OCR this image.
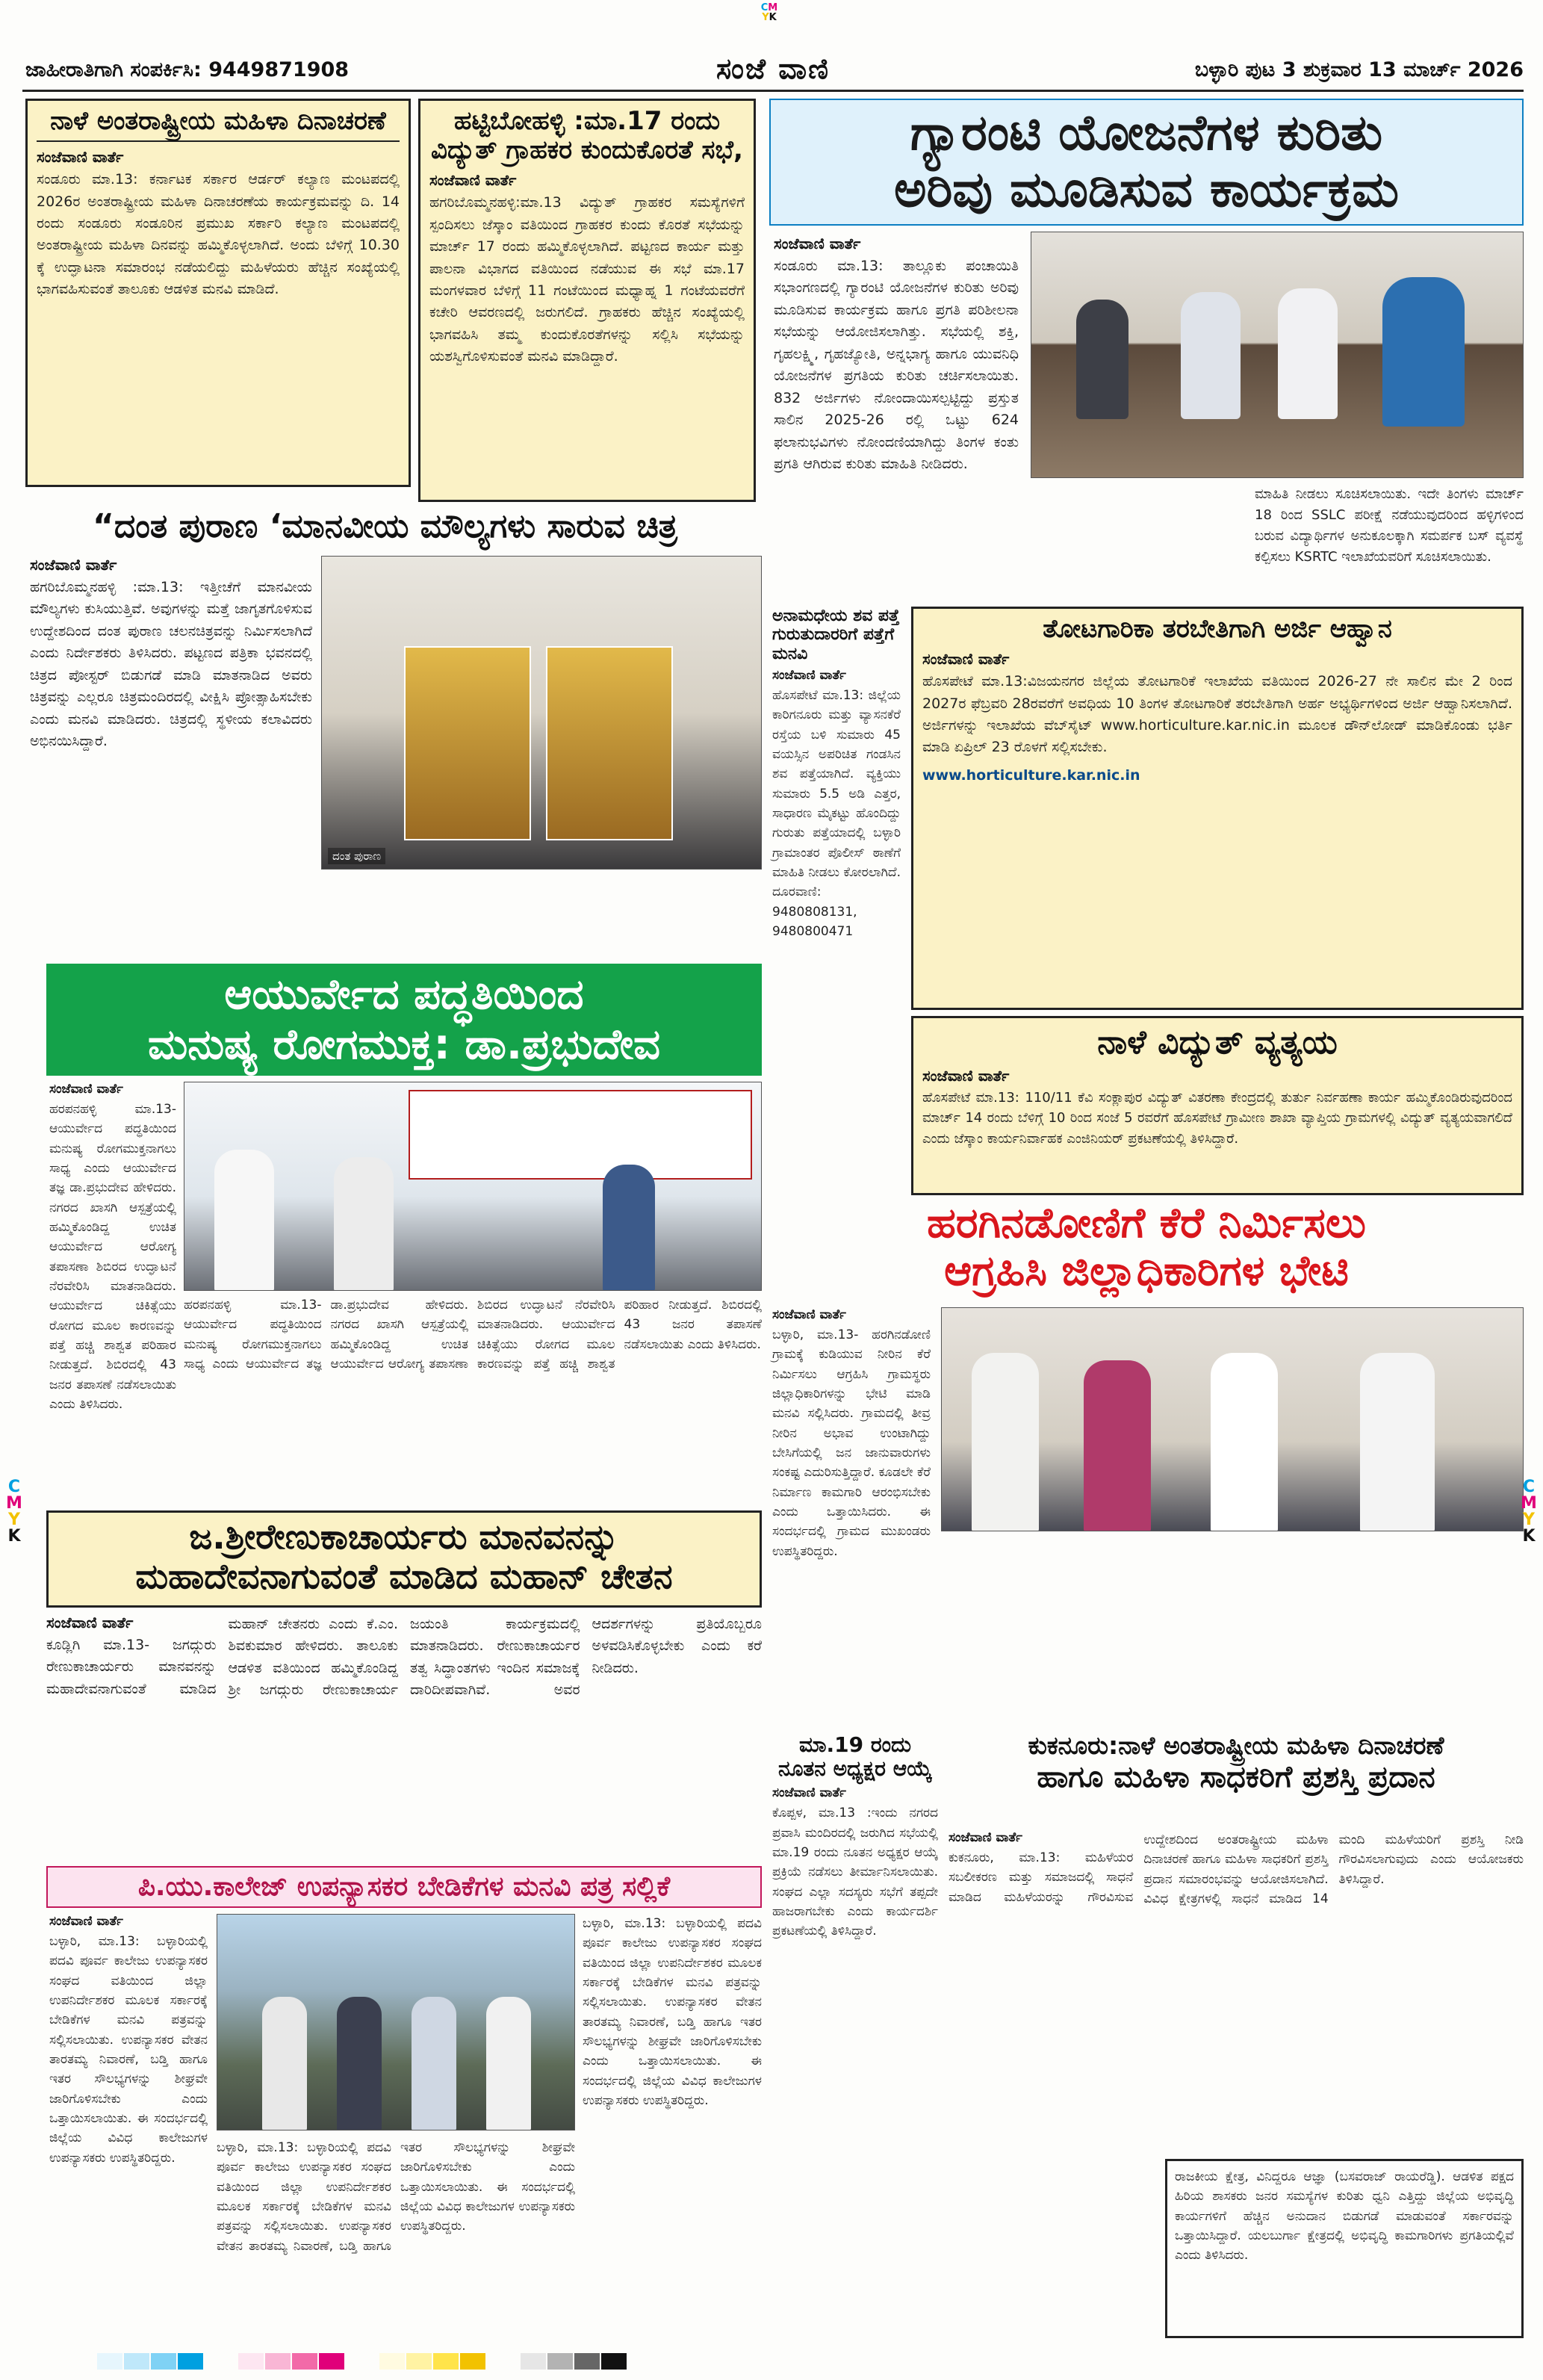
CM
YK
ಜಾಹೀರಾತಿಗಾಗಿ ಸಂಪರ್ಕಿಸಿ: 9449871908	ಸಂಜೆ ವಾಣಿ	ಬಳ್ಳಾರಿ ಪುಟ 3 ಶುಕ್ರವಾರ 13 ಮಾರ್ಚ್ 2026
ನಾಳೆ ಅಂತರಾಷ್ಟ್ರೀಯ ಮಹಿಳಾ ದಿನಾಚರಣೆ
ಸಂಜೆವಾಣಿ ವಾರ್ತೆ
ಸಂಡೂರು ಮಾ.13: ಕರ್ನಾಟಕ ಸರ್ಕಾರ ಆರ್ಡರ್ ಕಲ್ಯಾಣ ಮಂಟಪದಲ್ಲಿ 2026ರ ಅಂತರಾಷ್ಟ್ರೀಯ ಮಹಿಳಾ ದಿನಾಚರಣೆಯ ಕಾರ್ಯಕ್ರಮವನ್ನು ದಿ. 14 ರಂದು ಸಂಡೂರು ಸಂಡೂರಿನ ಪ್ರಮುಖ ಸರ್ಕಾರಿ ಕಲ್ಯಾಣ ಮಂಟಪದಲ್ಲಿ ಅಂತರಾಷ್ಟ್ರೀಯ ಮಹಿಳಾ ದಿನವನ್ನು ಹಮ್ಮಿಕೊಳ್ಳಲಾಗಿದೆ. ಅಂದು ಬೆಳಿಗ್ಗೆ 10.30 ಕ್ಕೆ ಉದ್ಘಾಟನಾ ಸಮಾರಂಭ ನಡೆಯಲಿದ್ದು ಮಹಿಳೆಯರು ಹೆಚ್ಚಿನ ಸಂಖ್ಯೆಯಲ್ಲಿ ಭಾಗವಹಿಸುವಂತೆ ತಾಲೂಕು ಆಡಳಿತ ಮನವಿ ಮಾಡಿದೆ.
ಹಟ್ಟಿಬೋಹಳ್ಳಿ :ಮಾ.17 ರಂದು ವಿದ್ಯುತ್ ಗ್ರಾಹಕರ ಕುಂದುಕೊರತೆ ಸಭೆ,
ಸಂಜೆವಾಣಿ ವಾರ್ತೆ
ಹಗರಿಬೊಮ್ಮನಹಳ್ಳಿ:ಮಾ.13 ವಿದ್ಯುತ್ ಗ್ರಾಹಕರ ಸಮಸ್ಯೆಗಳಿಗೆ ಸ್ಪಂದಿಸಲು ಜೆಸ್ಕಾಂ ವತಿಯಿಂದ ಗ್ರಾಹಕರ ಕುಂದು ಕೊರತೆ ಸಭೆಯನ್ನು ಮಾರ್ಚ್ 17 ರಂದು ಹಮ್ಮಿಕೊಳ್ಳಲಾಗಿದೆ. ಪಟ್ಟಣದ ಕಾರ್ಯ ಮತ್ತು ಪಾಲನಾ ವಿಭಾಗದ ವತಿಯಿಂದ ನಡೆಯುವ ಈ ಸಭೆ ಮಾ.17 ಮಂಗಳವಾರ ಬೆಳಿಗ್ಗೆ 11 ಗಂಟೆಯಿಂದ ಮಧ್ಯಾಹ್ನ 1 ಗಂಟೆಯವರೆಗೆ ಕಚೇರಿ ಆವರಣದಲ್ಲಿ ಜರುಗಲಿದೆ. ಗ್ರಾಹಕರು ಹೆಚ್ಚಿನ ಸಂಖ್ಯೆಯಲ್ಲಿ ಭಾಗವಹಿಸಿ ತಮ್ಮ ಕುಂದುಕೊರತೆಗಳನ್ನು ಸಲ್ಲಿಸಿ ಸಭೆಯನ್ನು ಯಶಸ್ವಿಗೊಳಿಸುವಂತೆ ಮನವಿ ಮಾಡಿದ್ದಾರೆ.
ಗ್ಯಾರಂಟಿ ಯೋಜನೆಗಳ ಕುರಿತು
ಅರಿವು ಮೂಡಿಸುವ ಕಾರ್ಯಕ್ರಮ
ಸಂಜೆವಾಣಿ ವಾರ್ತೆ
ಸಂಡೂರು ಮಾ.13: ತಾಲ್ಲೂಕು ಪಂಚಾಯಿತಿ ಸಭಾಂಗಣದಲ್ಲಿ ಗ್ಯಾರಂಟಿ ಯೋಜನೆಗಳ ಕುರಿತು ಅರಿವು ಮೂಡಿಸುವ ಕಾರ್ಯಕ್ರಮ ಹಾಗೂ ಪ್ರಗತಿ ಪರಿಶೀಲನಾ ಸಭೆಯನ್ನು ಆಯೋಜಿಸಲಾಗಿತ್ತು. ಸಭೆಯಲ್ಲಿ ಶಕ್ತಿ, ಗೃಹಲಕ್ಷ್ಮಿ, ಗೃಹಜ್ಯೋತಿ, ಅನ್ನಭಾಗ್ಯ ಹಾಗೂ ಯುವನಿಧಿ ಯೋಜನೆಗಳ ಪ್ರಗತಿಯ ಕುರಿತು ಚರ್ಚಿಸಲಾಯಿತು. 832 ಅರ್ಜಿಗಳು ನೋಂದಾಯಿಸಲ್ಪಟ್ಟಿದ್ದು ಪ್ರಸ್ತುತ ಸಾಲಿನ 2025-26 ರಲ್ಲಿ ಒಟ್ಟು 624 ಫಲಾನುಭವಿಗಳು ನೋಂದಣಿಯಾಗಿದ್ದು ತಿಂಗಳ ಕಂತು ಪ್ರಗತಿ ಆಗಿರುವ ಕುರಿತು ಮಾಹಿತಿ ನೀಡಿದರು.
ಮಾಹಿತಿ ನೀಡಲು ಸೂಚಿಸಲಾಯಿತು. ಇದೇ ತಿಂಗಳು ಮಾರ್ಚ್ 18 ರಿಂದ SSLC ಪರೀಕ್ಷೆ ನಡೆಯುವುದರಿಂದ ಹಳ್ಳಿಗಳಿಂದ ಬರುವ ವಿದ್ಯಾರ್ಥಿಗಳ ಅನುಕೂಲಕ್ಕಾಗಿ ಸಮರ್ಪಕ ಬಸ್ ವ್ಯವಸ್ಥೆ ಕಲ್ಪಿಸಲು KSRTC ಇಲಾಖೆಯವರಿಗೆ ಸೂಚಿಸಲಾಯಿತು.
“ದಂತ ಪುರಾಣ ‘ಮಾನವೀಯ ಮೌಲ್ಯಗಳು ಸಾರುವ ಚಿತ್ರ
ಸಂಜೆವಾಣಿ ವಾರ್ತೆ
ಹಗರಿಬೊಮ್ಮನಹಳ್ಳಿ :ಮಾ.13: ಇತ್ತೀಚೆಗೆ ಮಾನವೀಯ ಮೌಲ್ಯಗಳು ಕುಸಿಯುತ್ತಿವೆ. ಅವುಗಳನ್ನು ಮತ್ತೆ ಜಾಗೃತಗೊಳಿಸುವ ಉದ್ದೇಶದಿಂದ ದಂತ ಪುರಾಣ ಚಲನಚಿತ್ರವನ್ನು ನಿರ್ಮಿಸಲಾಗಿದೆ ಎಂದು ನಿರ್ದೇಶಕರು ತಿಳಿಸಿದರು. ಪಟ್ಟಣದ ಪತ್ರಿಕಾ ಭವನದಲ್ಲಿ ಚಿತ್ರದ ಪೋಸ್ಟರ್ ಬಿಡುಗಡೆ ಮಾಡಿ ಮಾತನಾಡಿದ ಅವರು ಚಿತ್ರವನ್ನು ಎಲ್ಲರೂ ಚಿತ್ರಮಂದಿರದಲ್ಲಿ ವೀಕ್ಷಿಸಿ ಪ್ರೋತ್ಸಾಹಿಸಬೇಕು ಎಂದು ಮನವಿ ಮಾಡಿದರು. ಚಿತ್ರದಲ್ಲಿ ಸ್ಥಳೀಯ ಕಲಾವಿದರು ಅಭಿನಯಿಸಿದ್ದಾರೆ.
ದಂತ ಪುರಾಣ
ಅನಾಮಧೇಯ ಶವ ಪತ್ತೆ ಗುರುತುದಾರರಿಗೆ ಪತ್ತೆಗೆ ಮನವಿ
ಸಂಜೆವಾಣಿ ವಾರ್ತೆ
ಹೊಸಪೇಟೆ ಮಾ.13: ಜಿಲ್ಲೆಯ ಕಾರಿಗನೂರು ಮತ್ತು ವ್ಯಾಸನಕೆರೆ ರಸ್ತೆಯ ಬಳಿ ಸುಮಾರು 45 ವಯಸ್ಸಿನ ಅಪರಿಚಿತ ಗಂಡಸಿನ ಶವ ಪತ್ತೆಯಾಗಿದೆ. ವ್ಯಕ್ತಿಯು ಸುಮಾರು 5.5 ಅಡಿ ಎತ್ತರ, ಸಾಧಾರಣ ಮೈಕಟ್ಟು ಹೊಂದಿದ್ದು ಗುರುತು ಪತ್ತೆಯಾದಲ್ಲಿ ಬಳ್ಳಾರಿ ಗ್ರಾಮಾಂತರ ಪೊಲೀಸ್ ಠಾಣೆಗೆ ಮಾಹಿತಿ ನೀಡಲು ಕೋರಲಾಗಿದೆ. ದೂರವಾಣಿ: 9480808131, 9480800471
ತೋಟಗಾರಿಕಾ ತರಬೇತಿಗಾಗಿ ಅರ್ಜಿ ಆಹ್ವಾನ
ಸಂಜೆವಾಣಿ ವಾರ್ತೆ
ಹೊಸಪೇಟೆ ಮಾ.13:ವಿಜಯನಗರ ಜಿಲ್ಲೆಯ ತೋಟಗಾರಿಕೆ ಇಲಾಖೆಯ ವತಿಯಿಂದ 2026-27 ನೇ ಸಾಲಿನ ಮೇ 2 ರಿಂದ 2027ರ ಫೆಬ್ರವರಿ 28ರವರೆಗೆ ಅವಧಿಯ 10 ತಿಂಗಳ ತೋಟಗಾರಿಕೆ ತರಬೇತಿಗಾಗಿ ಅರ್ಹ ಅಭ್ಯರ್ಥಿಗಳಿಂದ ಅರ್ಜಿ ಆಹ್ವಾನಿಸಲಾಗಿದೆ. ಅರ್ಜಿಗಳನ್ನು ಇಲಾಖೆಯ ವೆಬ್‌ಸೈಟ್ www.horticulture.kar.nic.in ಮೂಲಕ ಡೌನ್‌ಲೋಡ್ ಮಾಡಿಕೊಂಡು ಭರ್ತಿ ಮಾಡಿ ಏಪ್ರಿಲ್ 23 ರೊಳಗೆ ಸಲ್ಲಿಸಬೇಕು.
www.horticulture.kar.nic.in
ನಾಳೆ ವಿದ್ಯುತ್ ವ್ಯತ್ಯಯ
ಸಂಜೆವಾಣಿ ವಾರ್ತೆ
ಹೊಸಪೇಟೆ ಮಾ.13: 110/11 ಕೆವಿ ಸಂಕ್ಲಾಪುರ ವಿದ್ಯುತ್ ವಿತರಣಾ ಕೇಂದ್ರದಲ್ಲಿ ತುರ್ತು ನಿರ್ವಹಣಾ ಕಾರ್ಯ ಹಮ್ಮಿಕೊಂಡಿರುವುದರಿಂದ ಮಾರ್ಚ್ 14 ರಂದು ಬೆಳಿಗ್ಗೆ 10 ರಿಂದ ಸಂಜೆ 5 ರವರೆಗೆ ಹೊಸಪೇಟೆ ಗ್ರಾಮೀಣ ಶಾಖಾ ವ್ಯಾಪ್ತಿಯ ಗ್ರಾಮಗಳಲ್ಲಿ ವಿದ್ಯುತ್ ವ್ಯತ್ಯಯವಾಗಲಿದೆ ಎಂದು ಜೆಸ್ಕಾಂ ಕಾರ್ಯನಿರ್ವಾಹಕ ಎಂಜಿನಿಯರ್ ಪ್ರಕಟಣೆಯಲ್ಲಿ ತಿಳಿಸಿದ್ದಾರೆ.
ಆಯುರ್ವೇದ ಪದ್ಧತಿಯಿಂದ
ಮನುಷ್ಯ ರೋಗಮುಕ್ತ: ಡಾ.ಪ್ರಭುದೇವ
ಸಂಜೆವಾಣಿ ವಾರ್ತೆ
ಹರಪನಹಳ್ಳಿ ಮಾ.13-ಆಯುರ್ವೇದ ಪದ್ಧತಿಯಿಂದ ಮನುಷ್ಯ ರೋಗಮುಕ್ತನಾಗಲು ಸಾಧ್ಯ ಎಂದು ಆಯುರ್ವೇದ ತಜ್ಞ ಡಾ.ಪ್ರಭುದೇವ ಹೇಳಿದರು. ನಗರದ ಖಾಸಗಿ ಆಸ್ಪತ್ರೆಯಲ್ಲಿ ಹಮ್ಮಿಕೊಂಡಿದ್ದ ಉಚಿತ ಆಯುರ್ವೇದ ಆರೋಗ್ಯ ತಪಾಸಣಾ ಶಿಬಿರದ ಉದ್ಘಾಟನೆ ನೆರವೇರಿಸಿ ಮಾತನಾಡಿದರು. ಆಯುರ್ವೇದ ಚಿಕಿತ್ಸೆಯು ರೋಗದ ಮೂಲ ಕಾರಣವನ್ನು ಪತ್ತೆ ಹಚ್ಚಿ ಶಾಶ್ವತ ಪರಿಹಾರ ನೀಡುತ್ತದೆ. ಶಿಬಿರದಲ್ಲಿ 43 ಜನರ ತಪಾಸಣೆ ನಡೆಸಲಾಯಿತು ಎಂದು ತಿಳಿಸಿದರು.
ಹರಪನಹಳ್ಳಿ ಮಾ.13-ಆಯುರ್ವೇದ ಪದ್ಧತಿಯಿಂದ ಮನುಷ್ಯ ರೋಗಮುಕ್ತನಾಗಲು ಸಾಧ್ಯ ಎಂದು ಆಯುರ್ವೇದ ತಜ್ಞ ಡಾ.ಪ್ರಭುದೇವ ಹೇಳಿದರು. ನಗರದ ಖಾಸಗಿ ಆಸ್ಪತ್ರೆಯಲ್ಲಿ ಹಮ್ಮಿಕೊಂಡಿದ್ದ ಉಚಿತ ಆಯುರ್ವೇದ ಆರೋಗ್ಯ ತಪಾಸಣಾ ಶಿಬಿರದ ಉದ್ಘಾಟನೆ ನೆರವೇರಿಸಿ ಮಾತನಾಡಿದರು. ಆಯುರ್ವೇದ ಚಿಕಿತ್ಸೆಯು ರೋಗದ ಮೂಲ ಕಾರಣವನ್ನು ಪತ್ತೆ ಹಚ್ಚಿ ಶಾಶ್ವತ ಪರಿಹಾರ ನೀಡುತ್ತದೆ. ಶಿಬಿರದಲ್ಲಿ 43 ಜನರ ತಪಾಸಣೆ ನಡೆಸಲಾಯಿತು ಎಂದು ತಿಳಿಸಿದರು.
ಹರಗಿನಡೋಣಿಗೆ ಕೆರೆ ನಿರ್ಮಿಸಲು
ಆಗ್ರಹಿಸಿ ಜಿಲ್ಲಾಧಿಕಾರಿಗಳ ಭೇಟಿ
ಸಂಜೆವಾಣಿ ವಾರ್ತೆ
ಬಳ್ಳಾರಿ, ಮಾ.13- ಹರಗಿನಡೋಣಿ ಗ್ರಾಮಕ್ಕೆ ಕುಡಿಯುವ ನೀರಿನ ಕೆರೆ ನಿರ್ಮಿಸಲು ಆಗ್ರಹಿಸಿ ಗ್ರಾಮಸ್ಥರು ಜಿಲ್ಲಾಧಿಕಾರಿಗಳನ್ನು ಭೇಟಿ ಮಾಡಿ ಮನವಿ ಸಲ್ಲಿಸಿದರು. ಗ್ರಾಮದಲ್ಲಿ ತೀವ್ರ ನೀರಿನ ಅಭಾವ ಉಂಟಾಗಿದ್ದು ಬೇಸಿಗೆಯಲ್ಲಿ ಜನ ಜಾನುವಾರುಗಳು ಸಂಕಷ್ಟ ಎದುರಿಸುತ್ತಿದ್ದಾರೆ. ಕೂಡಲೇ ಕೆರೆ ನಿರ್ಮಾಣ ಕಾಮಗಾರಿ ಆರಂಭಿಸಬೇಕು ಎಂದು ಒತ್ತಾಯಿಸಿದರು. ಈ ಸಂದರ್ಭದಲ್ಲಿ ಗ್ರಾಮದ ಮುಖಂಡರು ಉಪಸ್ಥಿತರಿದ್ದರು.
ಜ.ಶ್ರೀರೇಣುಕಾಚಾರ್ಯರು ಮಾನವನನ್ನು
ಮಹಾದೇವನಾಗುವಂತೆ ಮಾಡಿದ ಮಹಾನ್ ಚೇತನ
ಸಂಜೆವಾಣಿ ವಾರ್ತೆ
ಕೂಡ್ಲಿಗಿ ಮಾ.13- ಜಗದ್ಗುರು ರೇಣುಕಾಚಾರ್ಯರು ಮಾನವನನ್ನು ಮಹಾದೇವನಾಗುವಂತೆ ಮಾಡಿದ ಮಹಾನ್ ಚೇತನರು ಎಂದು ಕೆ.ಎಂ. ಶಿವಕುಮಾರ ಹೇಳಿದರು. ತಾಲೂಕು ಆಡಳಿತ ವತಿಯಿಂದ ಹಮ್ಮಿಕೊಂಡಿದ್ದ ಶ್ರೀ ಜಗದ್ಗುರು ರೇಣುಕಾಚಾರ್ಯ ಜಯಂತಿ ಕಾರ್ಯಕ್ರಮದಲ್ಲಿ ಮಾತನಾಡಿದರು. ರೇಣುಕಾಚಾರ್ಯರ ತತ್ವ ಸಿದ್ಧಾಂತಗಳು ಇಂದಿನ ಸಮಾಜಕ್ಕೆ ದಾರಿದೀಪವಾಗಿವೆ. ಅವರ ಆದರ್ಶಗಳನ್ನು ಪ್ರತಿಯೊಬ್ಬರೂ ಅಳವಡಿಸಿಕೊಳ್ಳಬೇಕು ಎಂದು ಕರೆ ನೀಡಿದರು.
ಮಾ.19 ರಂದು ನೂತನ ಅಧ್ಯಕ್ಷರ ಆಯ್ಕೆ
ಸಂಜೆವಾಣಿ ವಾರ್ತೆ
ಕೊಪ್ಪಳ, ಮಾ.13 :ಇಂದು ನಗರದ ಪ್ರವಾಸಿ ಮಂದಿರದಲ್ಲಿ ಜರುಗಿದ ಸಭೆಯಲ್ಲಿ ಮಾ.19 ರಂದು ನೂತನ ಅಧ್ಯಕ್ಷರ ಆಯ್ಕೆ ಪ್ರಕ್ರಿಯೆ ನಡೆಸಲು ತೀರ್ಮಾನಿಸಲಾಯಿತು. ಸಂಘದ ಎಲ್ಲಾ ಸದಸ್ಯರು ಸಭೆಗೆ ತಪ್ಪದೇ ಹಾಜರಾಗಬೇಕು ಎಂದು ಕಾರ್ಯದರ್ಶಿ ಪ್ರಕಟಣೆಯಲ್ಲಿ ತಿಳಿಸಿದ್ದಾರೆ.
ಕುಕನೂರು:ನಾಳೆ ಅಂತರಾಷ್ಟ್ರೀಯ ಮಹಿಳಾ ದಿನಾಚರಣೆ
ಹಾಗೂ ಮಹಿಳಾ ಸಾಧಕರಿಗೆ ಪ್ರಶಸ್ತಿ ಪ್ರದಾನ
ಸಂಜೆವಾಣಿ ವಾರ್ತೆ
ಕುಕನೂರು, ಮಾ.13: ಮಹಿಳೆಯರ ಸಬಲೀಕರಣ ಮತ್ತು ಸಮಾಜದಲ್ಲಿ ಸಾಧನೆ ಮಾಡಿದ ಮಹಿಳೆಯರನ್ನು ಗೌರವಿಸುವ ಉದ್ದೇಶದಿಂದ ಅಂತರಾಷ್ಟ್ರೀಯ ಮಹಿಳಾ ದಿನಾಚರಣೆ ಹಾಗೂ ಮಹಿಳಾ ಸಾಧಕರಿಗೆ ಪ್ರಶಸ್ತಿ ಪ್ರದಾನ ಸಮಾರಂಭವನ್ನು ಆಯೋಜಿಸಲಾಗಿದೆ. ವಿವಿಧ ಕ್ಷೇತ್ರಗಳಲ್ಲಿ ಸಾಧನೆ ಮಾಡಿದ 14 ಮಂದಿ ಮಹಿಳೆಯರಿಗೆ ಪ್ರಶಸ್ತಿ ನೀಡಿ ಗೌರವಿಸಲಾಗುವುದು ಎಂದು ಆಯೋಜಕರು ತಿಳಿಸಿದ್ದಾರೆ.
ರಾಜಕೀಯ ಕ್ಷೇತ್ರ, ವಿನಿದ್ದರೂ ಆಜ್ಞಾ (ಬಸವರಾಜ್ ರಾಯರೆಡ್ಡಿ). ಆಡಳಿತ ಪಕ್ಷದ ಹಿರಿಯ ಶಾಸಕರು ಜನರ ಸಮಸ್ಯೆಗಳ ಕುರಿತು ಧ್ವನಿ ಎತ್ತಿದ್ದು ಜಿಲ್ಲೆಯ ಅಭಿವೃದ್ಧಿ ಕಾರ್ಯಗಳಿಗೆ ಹೆಚ್ಚಿನ ಅನುದಾನ ಬಿಡುಗಡೆ ಮಾಡುವಂತೆ ಸರ್ಕಾರವನ್ನು ಒತ್ತಾಯಿಸಿದ್ದಾರೆ. ಯಲಬುರ್ಗಾ ಕ್ಷೇತ್ರದಲ್ಲಿ ಅಭಿವೃದ್ಧಿ ಕಾಮಗಾರಿಗಳು ಪ್ರಗತಿಯಲ್ಲಿವೆ ಎಂದು ತಿಳಿಸಿದರು.
ಪಿ.ಯು.ಕಾಲೇಜ್ ಉಪನ್ಯಾಸಕರ ಬೇಡಿಕೆಗಳ ಮನವಿ ಪತ್ರ ಸಲ್ಲಿಕೆ
ಸಂಜೆವಾಣಿ ವಾರ್ತೆ
ಬಳ್ಳಾರಿ, ಮಾ.13: ಬಳ್ಳಾರಿಯಲ್ಲಿ ಪದವಿ ಪೂರ್ವ ಕಾಲೇಜು ಉಪನ್ಯಾಸಕರ ಸಂಘದ ವತಿಯಿಂದ ಜಿಲ್ಲಾ ಉಪನಿರ್ದೇಶಕರ ಮೂಲಕ ಸರ್ಕಾರಕ್ಕೆ ಬೇಡಿಕೆಗಳ ಮನವಿ ಪತ್ರವನ್ನು ಸಲ್ಲಿಸಲಾಯಿತು. ಉಪನ್ಯಾಸಕರ ವೇತನ ತಾರತಮ್ಯ ನಿವಾರಣೆ, ಬಡ್ತಿ ಹಾಗೂ ಇತರ ಸೌಲಭ್ಯಗಳನ್ನು ಶೀಘ್ರವೇ ಜಾರಿಗೊಳಿಸಬೇಕು ಎಂದು ಒತ್ತಾಯಿಸಲಾಯಿತು. ಈ ಸಂದರ್ಭದಲ್ಲಿ ಜಿಲ್ಲೆಯ ವಿವಿಧ ಕಾಲೇಜುಗಳ ಉಪನ್ಯಾಸಕರು ಉಪಸ್ಥಿತರಿದ್ದರು.
ಬಳ್ಳಾರಿ, ಮಾ.13: ಬಳ್ಳಾರಿಯಲ್ಲಿ ಪದವಿ ಪೂರ್ವ ಕಾಲೇಜು ಉಪನ್ಯಾಸಕರ ಸಂಘದ ವತಿಯಿಂದ ಜಿಲ್ಲಾ ಉಪನಿರ್ದೇಶಕರ ಮೂಲಕ ಸರ್ಕಾರಕ್ಕೆ ಬೇಡಿಕೆಗಳ ಮನವಿ ಪತ್ರವನ್ನು ಸಲ್ಲಿಸಲಾಯಿತು. ಉಪನ್ಯಾಸಕರ ವೇತನ ತಾರತಮ್ಯ ನಿವಾರಣೆ, ಬಡ್ತಿ ಹಾಗೂ ಇತರ ಸೌಲಭ್ಯಗಳನ್ನು ಶೀಘ್ರವೇ ಜಾರಿಗೊಳಿಸಬೇಕು ಎಂದು ಒತ್ತಾಯಿಸಲಾಯಿತು. ಈ ಸಂದರ್ಭದಲ್ಲಿ ಜಿಲ್ಲೆಯ ವಿವಿಧ ಕಾಲೇಜುಗಳ ಉಪನ್ಯಾಸಕರು ಉಪಸ್ಥಿತರಿದ್ದರು.
ಬಳ್ಳಾರಿ, ಮಾ.13: ಬಳ್ಳಾರಿಯಲ್ಲಿ ಪದವಿ ಪೂರ್ವ ಕಾಲೇಜು ಉಪನ್ಯಾಸಕರ ಸಂಘದ ವತಿಯಿಂದ ಜಿಲ್ಲಾ ಉಪನಿರ್ದೇಶಕರ ಮೂಲಕ ಸರ್ಕಾರಕ್ಕೆ ಬೇಡಿಕೆಗಳ ಮನವಿ ಪತ್ರವನ್ನು ಸಲ್ಲಿಸಲಾಯಿತು. ಉಪನ್ಯಾಸಕರ ವೇತನ ತಾರತಮ್ಯ ನಿವಾರಣೆ, ಬಡ್ತಿ ಹಾಗೂ ಇತರ ಸೌಲಭ್ಯಗಳನ್ನು ಶೀಘ್ರವೇ ಜಾರಿಗೊಳಿಸಬೇಕು ಎಂದು ಒತ್ತಾಯಿಸಲಾಯಿತು. ಈ ಸಂದರ್ಭದಲ್ಲಿ ಜಿಲ್ಲೆಯ ವಿವಿಧ ಕಾಲೇಜುಗಳ ಉಪನ್ಯಾಸಕರು ಉಪಸ್ಥಿತರಿದ್ದರು.
C
M
Y
K
C
M
Y
K
